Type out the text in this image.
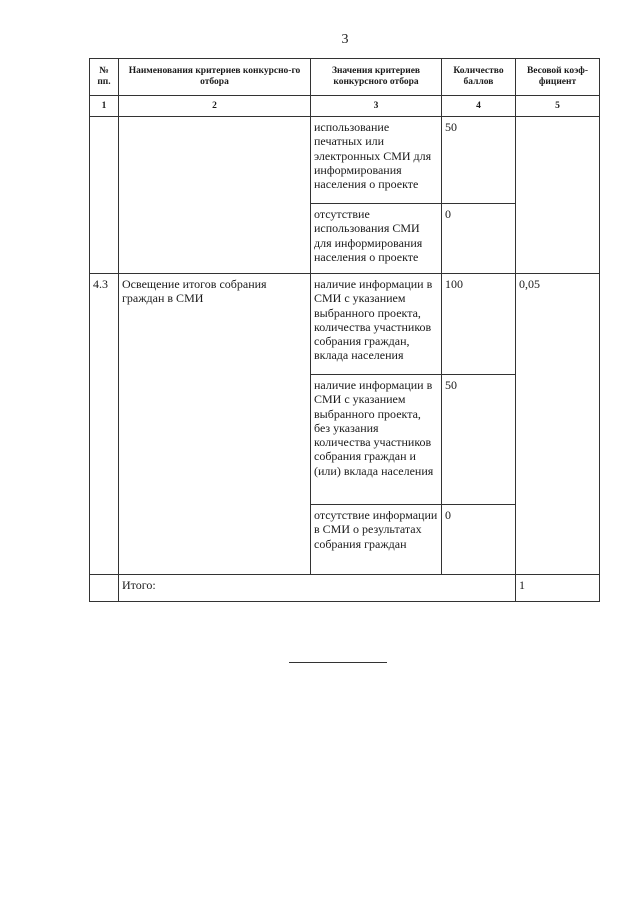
3
№ пп.	Наименования критериев конкурсно-го отбора	Значения критериев конкурсного отбора	Количество баллов	Весовой коэф-фициент
1	2	3	4	5

		использование печатных или электронных СМИ для информирования населения о проекте	50	

		отсутствие использования СМИ для информирования населения о проекте	0	

4.3	Освещение итогов собрания граждан в СМИ	наличие информации в СМИ с указанием выбранного проекта, количества участников собрания граждан, вклада населения	100	0,05

		наличие информации в СМИ с указанием выбранного проекта, без указания количества участников собрания граждан и (или) вклада населения	50	

		отсутствие информации в СМИ о результатах собрания граждан	0	

	Итого:			1
